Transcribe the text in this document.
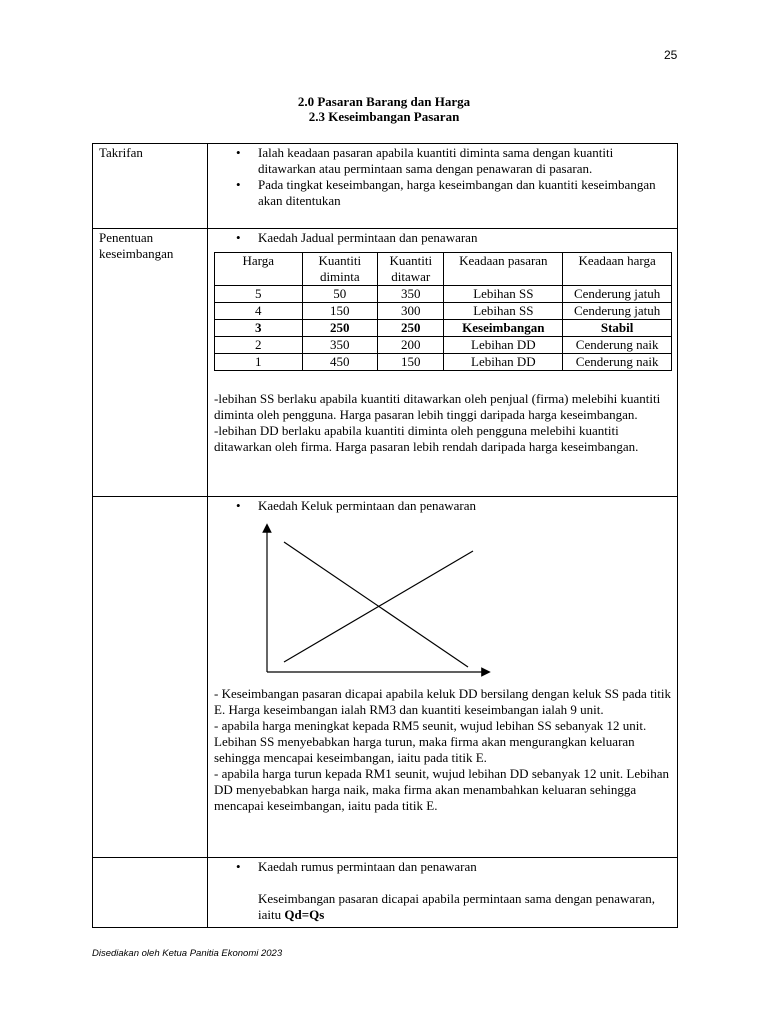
25
2.0 Pasaran Barang dan Harga
2.3 Keseimbangan Pasaran
Takrifan	
•Ialah keadaan pasaran apabila kuantiti diminta sama dengan kuantiti ditawarkan atau permintaan sama dengan penawaran di pasaran.
• Pada tingkat keseimbangan, harga keseimbangan dan kuantiti keseimbangan akan ditentukan

Penentuan keseimbangan	
• Kaedah Jadual permintaan dan penawaran
Harga	Kuantiti diminta	Kuantiti ditawar	Keadaan pasaran	Keadaan harga
5	50	350	Lebihan SS	Cenderung jatuh
4	150	300	Lebihan SS	Cenderung jatuh
3	250	250	Keseimbangan	Stabil
2	350	200	Lebihan DD	Cenderung naik
1	450	150	Lebihan DD	Cenderung naik

-lebihan SS berlaku apabila kuantiti ditawarkan oleh penjual (firma) melebihi kuantiti diminta oleh pengguna. Harga pasaran lebih tinggi daripada harga keseimbangan.

-lebihan DD berlaku apabila kuantiti diminta oleh pengguna melebihi kuantiti ditawarkan oleh firma. Harga pasaran lebih rendah daripada harga keseimbangan.

• Kaedah Keluk permintaan dan penawaran

- Keseimbangan pasaran dicapai apabila keluk DD bersilang dengan keluk SS pada titik E. Harga keseimbangan ialah RM3 dan kuantiti keseimbangan ialah 9 unit.

- apabila harga meningkat kepada RM5 seunit, wujud lebihan SS sebanyak 12 unit. Lebihan SS menyebabkan harga turun, maka firma akan mengurangkan keluaran sehingga mencapai keseimbangan, iaitu pada titik E.

- apabila harga turun kepada RM1 seunit, wujud lebihan DD sebanyak 12 unit. Lebihan DD menyebabkan harga naik, maka firma akan menambahkan keluaran sehingga mencapai keseimbangan, iaitu pada titik E.

• Kaedah rumus permintaan dan penawaran

Keseimbangan pasaran dicapai apabila permintaan sama dengan penawaran, iaitu Qd=Qs

Disediakan oleh Ketua Panitia Ekonomi 2023
